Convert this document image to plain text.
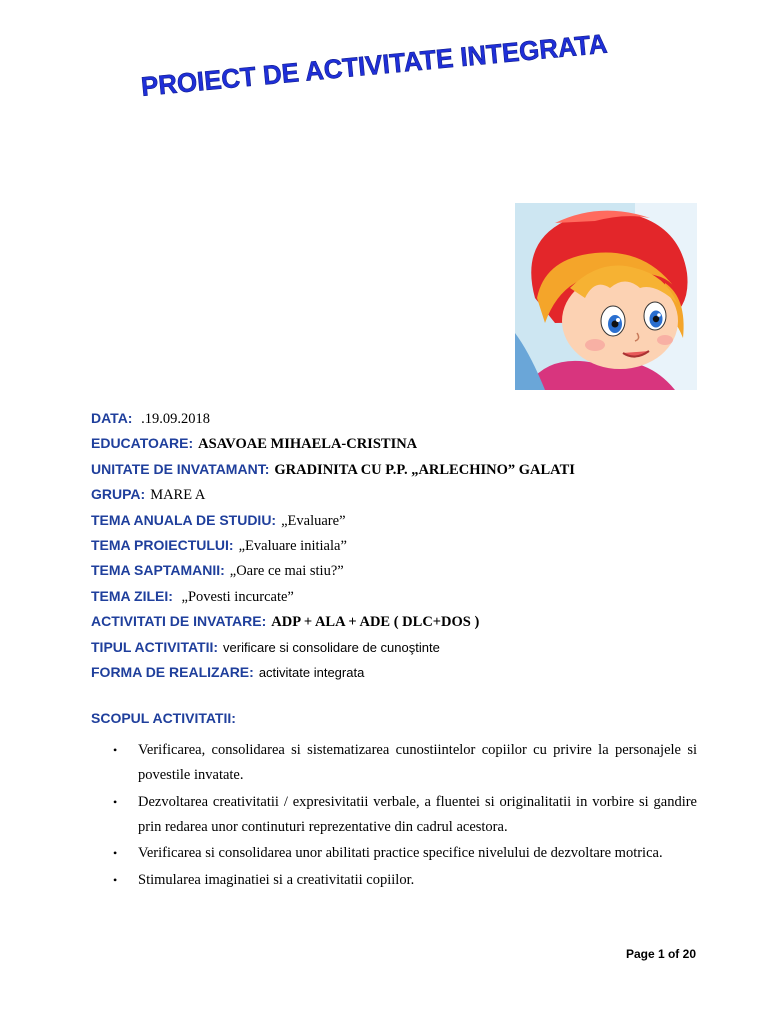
PROIECT DE ACTIVITATE INTEGRATA
DATA: .19.09.2018
EDUCATOARE: ASAVOAE MIHAELA-CRISTINA
UNITATE DE INVATAMANT: GRADINITA CU P.P. „ARLECHINO” GALATI
GRUPA: MARE A
TEMA ANUALA DE STUDIU: „Evaluare”
TEMA PROIECTULUI: „Evaluare initiala”
TEMA SAPTAMANII: „Oare ce mai stiu?”
TEMA ZILEI: „Povesti incurcate”
ACTIVITATI DE INVATARE: ADP + ALA + ADE ( DLC+DOS )
TIPUL ACTIVITATII: verificare si consolidare de cunoştinte
FORMA DE REALIZARE: activitate integrata
SCOPUL ACTIVITATII:
• Verificarea, consolidarea si sistematizarea cunostiintelor copiilor cu privire la personajele si povestile invatate.
• Dezvoltarea creativitatii / expresivitatii verbale, a fluentei si originalitatii in vorbire si gandire prin redarea unor continuturi reprezentative din cadrul acestora.
• Verificarea si consolidarea unor abilitati practice specifice nivelului de dezvoltare motrica.
• Stimularea imaginatiei si a creativitatii copiilor.
Page 1 of 20
